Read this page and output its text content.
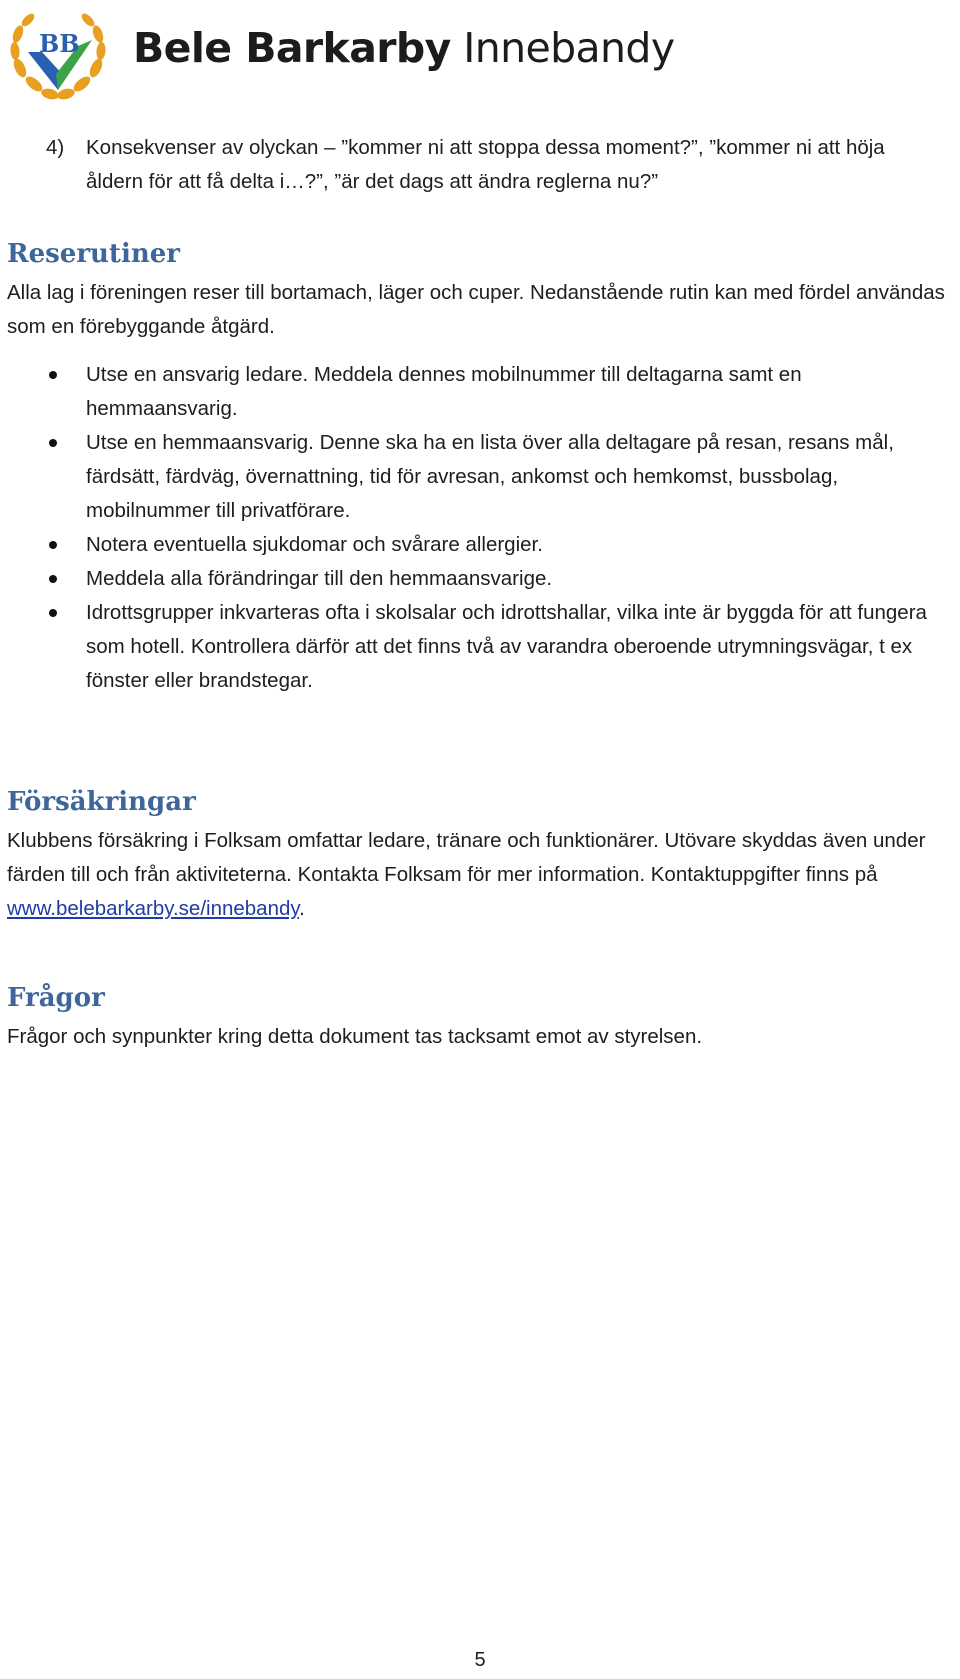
BB Bele Barkarby Innebandy
4) Konsekvenser av olyckan – ”kommer ni att stoppa dessa moment?”, ”kommer ni att höja åldern för att få delta i…?”, ”är det dags att ändra reglerna nu?”
Reserutiner

Alla lag i föreningen reser till bortamach, läger och cuper. Nedanstående rutin kan med fördel användas som en förebyggande åtgärd.

Utse en ansvarig ledare. Meddela dennes mobilnummer till deltagarna samt en hemmaansvarig.
Utse en hemmaansvarig. Denne ska ha en lista över alla deltagare på resan, resans mål, färdsätt, färdväg, övernattning, tid för avresan, ankomst och hemkomst, bussbolag, mobilnummer till privatförare.
Notera eventuella sjukdomar och svårare allergier.
Meddela alla förändringar till den hemmaansvarige.
Idrottsgrupper inkvarteras ofta i skolsalar och idrottshallar, vilka inte är byggda för att fungera som hotell. Kontrollera därför att det finns två av varandra oberoende utrymningsvägar, t ex fönster eller brandstegar.
Försäkringar

Klubbens försäkring i Folksam omfattar ledare, tränare och funktionärer. Utövare skyddas även under färden till och från aktiviteterna. Kontakta Folksam för mer information. Kontaktuppgifter finns på www.belebarkarby.se/innebandy.

Frågor

Frågor och synpunkter kring detta dokument tas tacksamt emot av styrelsen.

5
